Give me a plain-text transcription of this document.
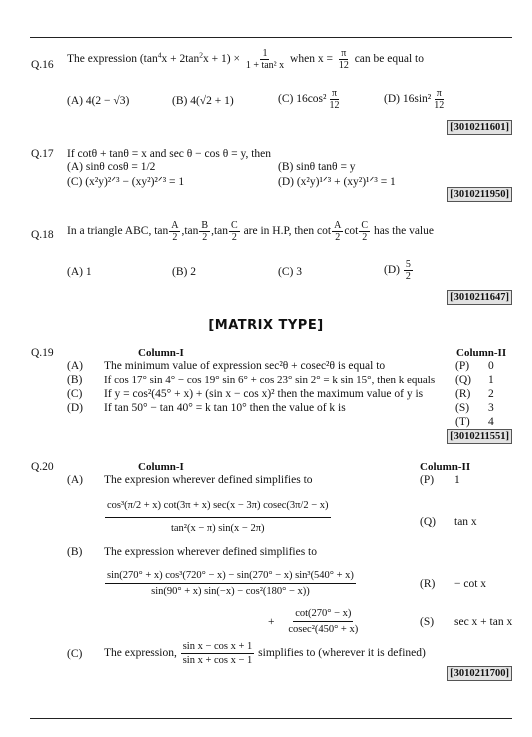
Q.16 The expression $(\tan^4x + 2\tan^2x + 1) \times \frac{1}{\text{1 + tan² x}}$ when $x = \frac{\pi}{12}$ can be equal to
(A) 4(2 − √3)	(B) 4(√2 + 1)	(C) $16\cos^2 \frac{\pi}{12}$	(D) $16\sin^2 \frac{\pi}{12}$
[3010211601]
Q.17 If cotθ + tanθ = x and sec θ − cos θ = y, then
(A) sinθ cosθ = 1/2	(B) sinθ tanθ = y
(C) (x²y)²ᐟ³ − (xy²)²ᐟ³ = 1	(D) (x²y)¹ᐟ³ + (xy²)¹ᐟ³ = 1
[3010211950]
Q.18 In a triangle ABC, $\tan \frac{A}{2} ,\tan \frac{B}{2} ,\tan \frac{C}{2}$ are in H.P, then $\cot \frac{A}{2}$ $\cot \frac{C}{2}$ has the value
(A) 1	(B) 2	(C) 3	$(D) \frac{5}{2}$
[3010211647]
[MATRIX TYPE]
Q.19	Column-I	Column-II
(A) The minimum value of expression sec²θ + cosec²θ is equal to	(P) 0
(B) If cos 17° sin 4° − cos 19° sin 6° + cos 23° sin 2° = k sin 15°, then k equals (Q) 1
(C) If y = cos²(45° + x) + (sin x − cos x)² then the maximum value of y is	(R) 2
(D) If tan 50° − tan 40° = k tan 10° then the value of k is	(S) 3
(T) 4
[3010211551]
Q.20	Column-I	Column-II
(A) The expresion wherever defined simplifies to	(P) 1
$\frac{\text{cos³(π/2 + x) cot(3π + x) sec(x − 3π) cosec(3π/2 − x)}}{\text{tan²(x − π) sin(x − 2π)}}$	(Q) tan x
(B) The expression wherever defined simplifies to
$\frac{\text{sin(270° + x) cos³(720° − x) − sin(270° − x) sin³(540° + x)}}{\text{sin(90° + x) sin(−x) − cos²(180° − x))}}$	(R) − cot x
+ $\frac{\cot(270^\circ - x)}{\text{cosec²(450° + x)}}$	(S) sec x + tan x
(C) The expression, $\frac{\text{sin x − cos x + 1}}{\text{sin x + cos x − 1}}$ simplifies to (wherever it is defined)
[3010211700]
